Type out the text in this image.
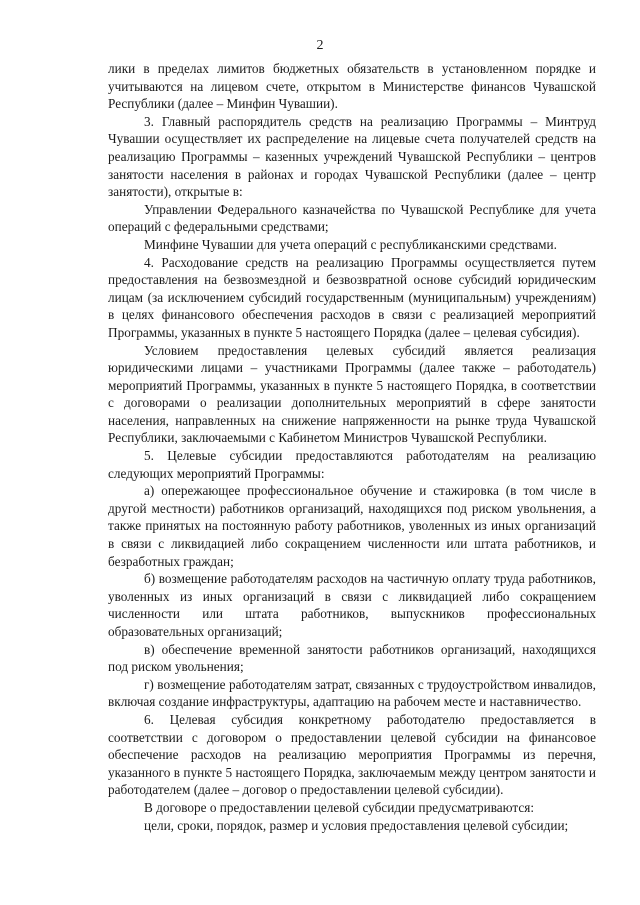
2

лики в пределах лимитов бюджетных обязательств в установленном порядке и учитываются на лицевом счете, открытом в Министерстве финансов Чувашской Республики (далее – Минфин Чувашии).

3. Главный распорядитель средств на реализацию Программы – Минтруд Чувашии осуществляет их распределение на лицевые счета получателей средств на реализацию Программы – казенных учреждений Чувашской Республики – центров занятости населения в районах и городах Чувашской Республики (далее – центр занятости), открытые в:

Управлении Федерального казначейства по Чувашской Республике для учета операций с федеральными средствами;

Минфине Чувашии для учета операций с республиканскими средствами.

4. Расходование средств на реализацию Программы осуществляется путем предоставления на безвозмездной и безвозвратной основе субсидий юридическим лицам (за исключением субсидий государственным (муниципальным) учреждениям) в целях финансового обеспечения расходов в связи с реализацией мероприятий Программы, указанных в пункте 5 настоящего Порядка (далее – целевая субсидия).

Условием предоставления целевых субсидий является реализация юридическими лицами – участниками Программы (далее также – работодатель) мероприятий Программы, указанных в пункте 5 настоящего Порядка, в соответствии с договорами о реализации дополнительных мероприятий в сфере занятости населения, направленных на снижение напряженности на рынке труда Чувашской Республики, заключаемыми с Кабинетом Министров Чувашской Республики.

5. Целевые субсидии предоставляются работодателям на реализацию следующих мероприятий Программы:

а) опережающее профессиональное обучение и стажировка (в том числе в другой местности) работников организаций, находящихся под риском увольнения, а также принятых на постоянную работу работников, уволенных из иных организаций в связи с ликвидацией либо сокращением численности или штата работников, и безработных граждан;

б) возмещение работодателям расходов на частичную оплату труда работников, уволенных из иных организаций в связи с ликвидацией либо сокращением численности или штата работников, выпускников профессиональных образовательных организаций;

в) обеспечение временной занятости работников организаций, находящихся под риском увольнения;

г) возмещение работодателям затрат, связанных с трудоустройством инвалидов, включая создание инфраструктуры, адаптацию на рабочем месте и наставничество.

6. Целевая субсидия конкретному работодателю предоставляется в соответствии с договором о предоставлении целевой субсидии на финансовое обеспечение расходов на реализацию мероприятия Программы из перечня, указанного в пункте 5 настоящего Порядка, заключаемым между центром занятости и работодателем (далее – договор о предоставлении целевой субсидии).

В договоре о предоставлении целевой субсидии предусматриваются:

цели, сроки, порядок, размер и условия предоставления целевой субсидии;
